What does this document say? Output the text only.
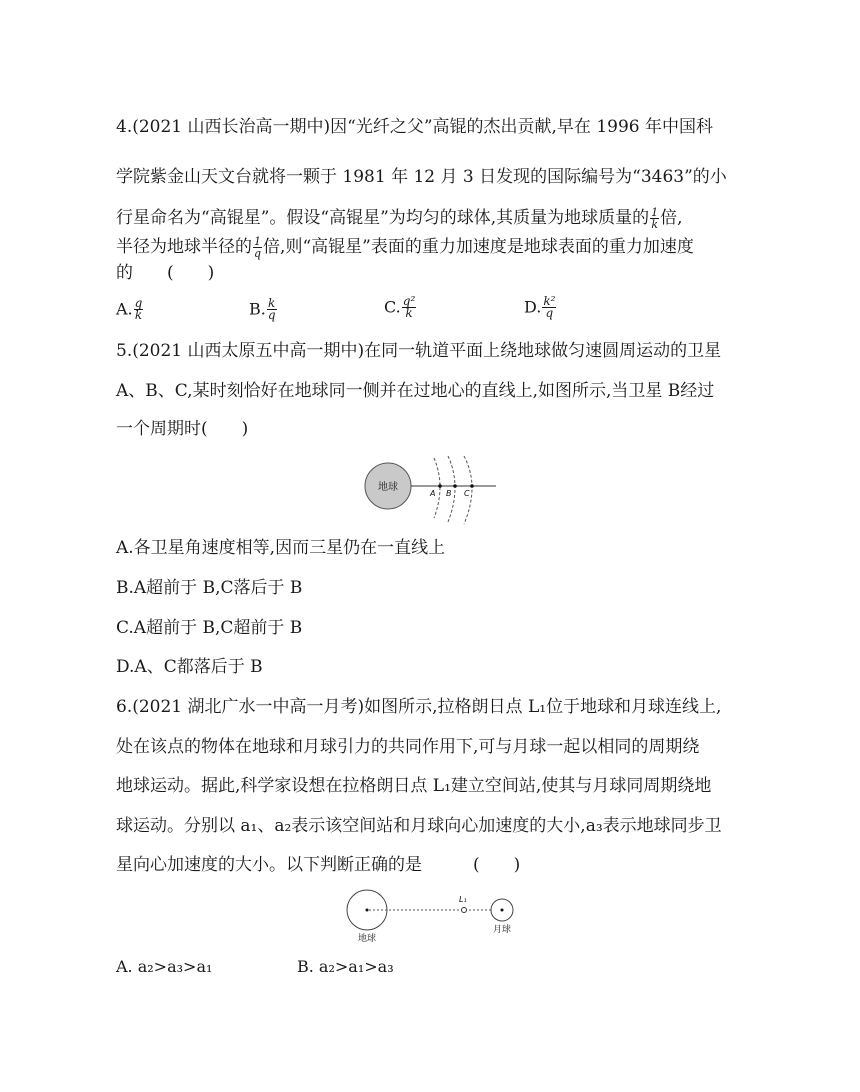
4.(2021 山西长治高一期中)因“光纤之父”高锟的杰出贡献,早在 1996 年中国科
学院紫金山天文台就将一颗于 1981 年 12 月 3 日发现的国际编号为“3463”的小
行星命名为“高锟星”。假设“高锟星”为均匀的球体,其质量为地球质量的 $\frac{1}{k}$ 倍,
半径为地球半径的 $\frac{1}{q}$ 倍,则“高锟星”表面的重力加速度是地球表面的重力加速度
的　　(　　)
A. $\frac{q}{k}$	B. $\frac{k}{q}$	C. $\frac{\text{q²}}{k}$	D. $\frac{\text{k²}}{q}$
5.(2021 山西太原五中高一期中)在同一轨道平面上绕地球做匀速圆周运动的卫星
A、B、C,某时刻恰好在地球同一侧并在过地心的直线上,如图所示,当卫星 B经过
一个周期时(　　)
地球
A B C
A.各卫星角速度相等,因而三星仍在一直线上
B.A超前于 B,C落后于 B
C.A超前于 B,C超前于 B
D.A、C都落后于 B
6.(2021 湖北广水一中高一月考)如图所示,拉格朗日点 L₁位于地球和月球连线上,
处在该点的物体在地球和月球引力的共同作用下,可与月球一起以相同的周期绕
地球运动。据此,科学家设想在拉格朗日点 L₁建立空间站,使其与月球同周期绕地
球运动。分别以 a₁、a₂表示该空间站和月球向心加速度的大小,a₃表示地球同步卫
星向心加速度的大小。以下判断正确的是　　　(　　)
L₁
地球
月球
A. a₂>a₃>a₁	B. a₂>a₁>a₃
